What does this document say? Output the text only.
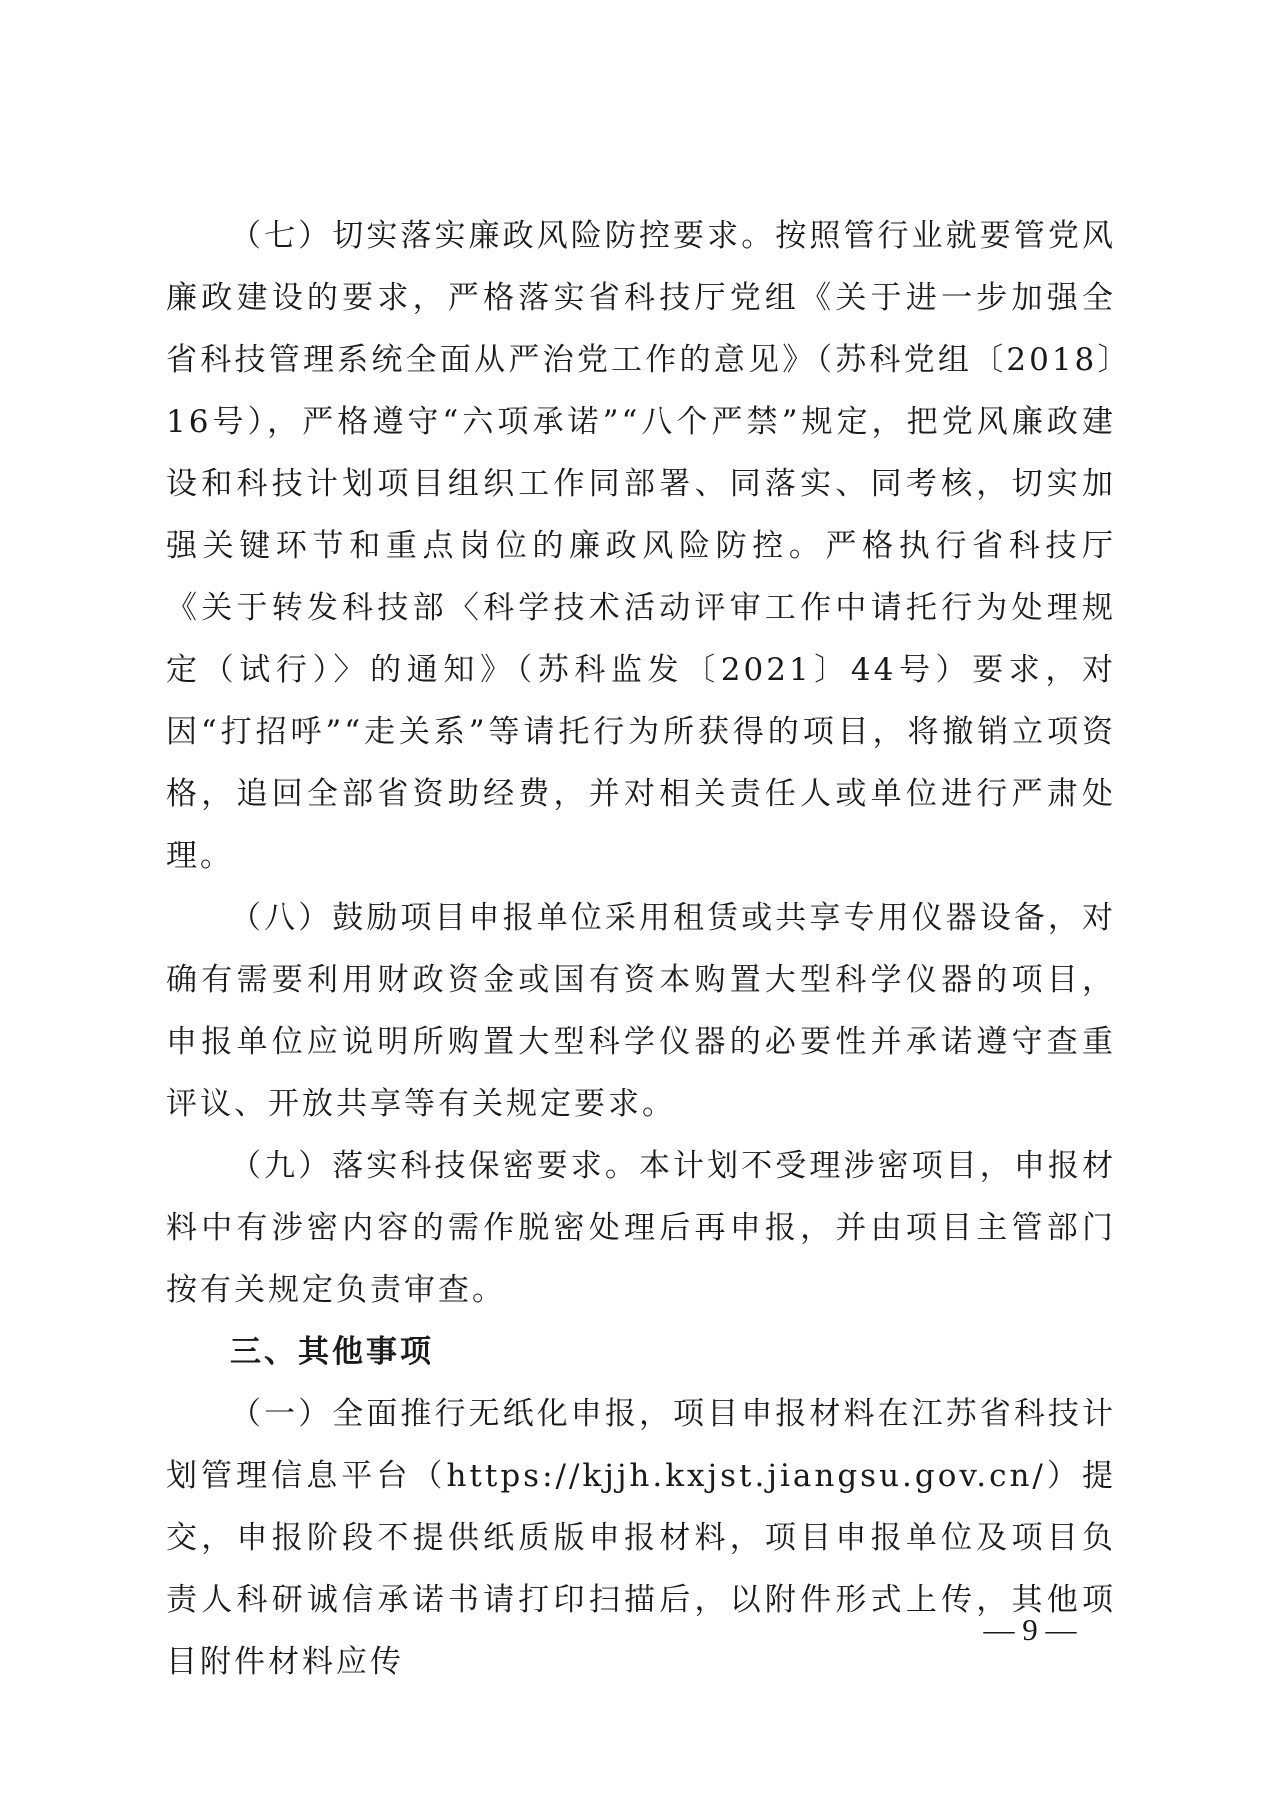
（七）切实落实廉政风险防控要求。按照管行业就要管党风廉政建设的要求，严格落实省科技厅党组《关于进一步加强全省科技管理系统全面从严治党工作的意见》（苏科党组〔2018〕16号），严格遵守“六项承诺”“八个严禁”规定，把党风廉政建设和科技计划项目组织工作同部署、同落实、同考核，切实加强关键环节和重点岗位的廉政风险防控。严格执行省科技厅《关于转发科技部〈科学技术活动评审工作中请托行为处理规定（试行）〉的通知》（苏科监发〔2021〕44号）要求，对因“打招呼”“走关系”等请托行为所获得的项目，将撤销立项资格，追回全部省资助经费，并对相关责任人或单位进行严肃处理。

（八）鼓励项目申报单位采用租赁或共享专用仪器设备，对确有需要利用财政资金或国有资本购置大型科学仪器的项目，申报单位应说明所购置大型科学仪器的必要性并承诺遵守查重评议、开放共享等有关规定要求。

（九）落实科技保密要求。本计划不受理涉密项目，申报材料中有涉密内容的需作脱密处理后再申报，并由项目主管部门按有关规定负责审查。

三、其他事项

（一）全面推行无纸化申报，项目申报材料在江苏省科技计划管理信息平台（https://kjjh.kxjst.jiangsu.gov.cn/）提交，申报阶段不提供纸质版申报材料，项目申报单位及项目负责人科研诚信承诺书请打印扫描后，以附件形式上传，其他项目附件材料应传

— 9 —
